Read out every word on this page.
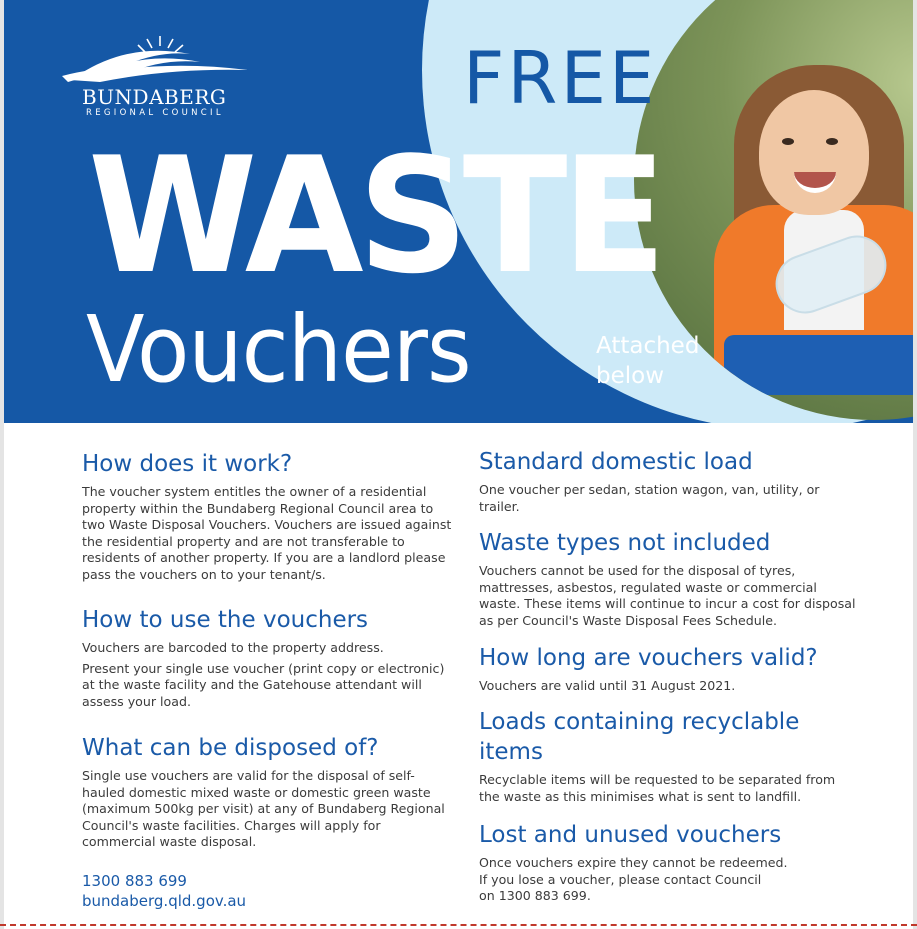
BUNDABERG
REGIONAL COUNCIL	FREE
WASTE
Vouchers	Attached
below
How does it work?

The voucher system entitles the owner of a residential property within the Bundaberg Regional Council area to two Waste Disposal Vouchers. Vouchers are issued against the residential property and are not transferable to residents of another property. If you are a landlord please pass the vouchers on to your tenant/s.

How to use the vouchers

Vouchers are barcoded to the property address.

Present your single use voucher (print copy or electronic) at the waste facility and the Gatehouse attendant will assess your load.

What can be disposed of?

Single use vouchers are valid for the disposal of self-hauled domestic mixed waste or domestic green waste (maximum 500kg per visit) at any of Bundaberg Regional Council's waste facilities. Charges will apply for commercial waste disposal.

1300 883 699
bundaberg.qld.gov.au
Standard domestic load

One voucher per sedan, station wagon, van, utility, or trailer.

Waste types not included

Vouchers cannot be used for the disposal of tyres, mattresses, asbestos, regulated waste or commercial waste. These items will continue to incur a cost for disposal as per Council's Waste Disposal Fees Schedule.

How long are vouchers valid?

Vouchers are valid until 31 August 2021.

Loads containing recyclable
items

Recyclable items will be requested to be separated from the waste as this minimises what is sent to landfill.

Lost and unused vouchers

Once vouchers expire they cannot be redeemed.

If you lose a voucher, please contact Council

on 1300 883 699.
